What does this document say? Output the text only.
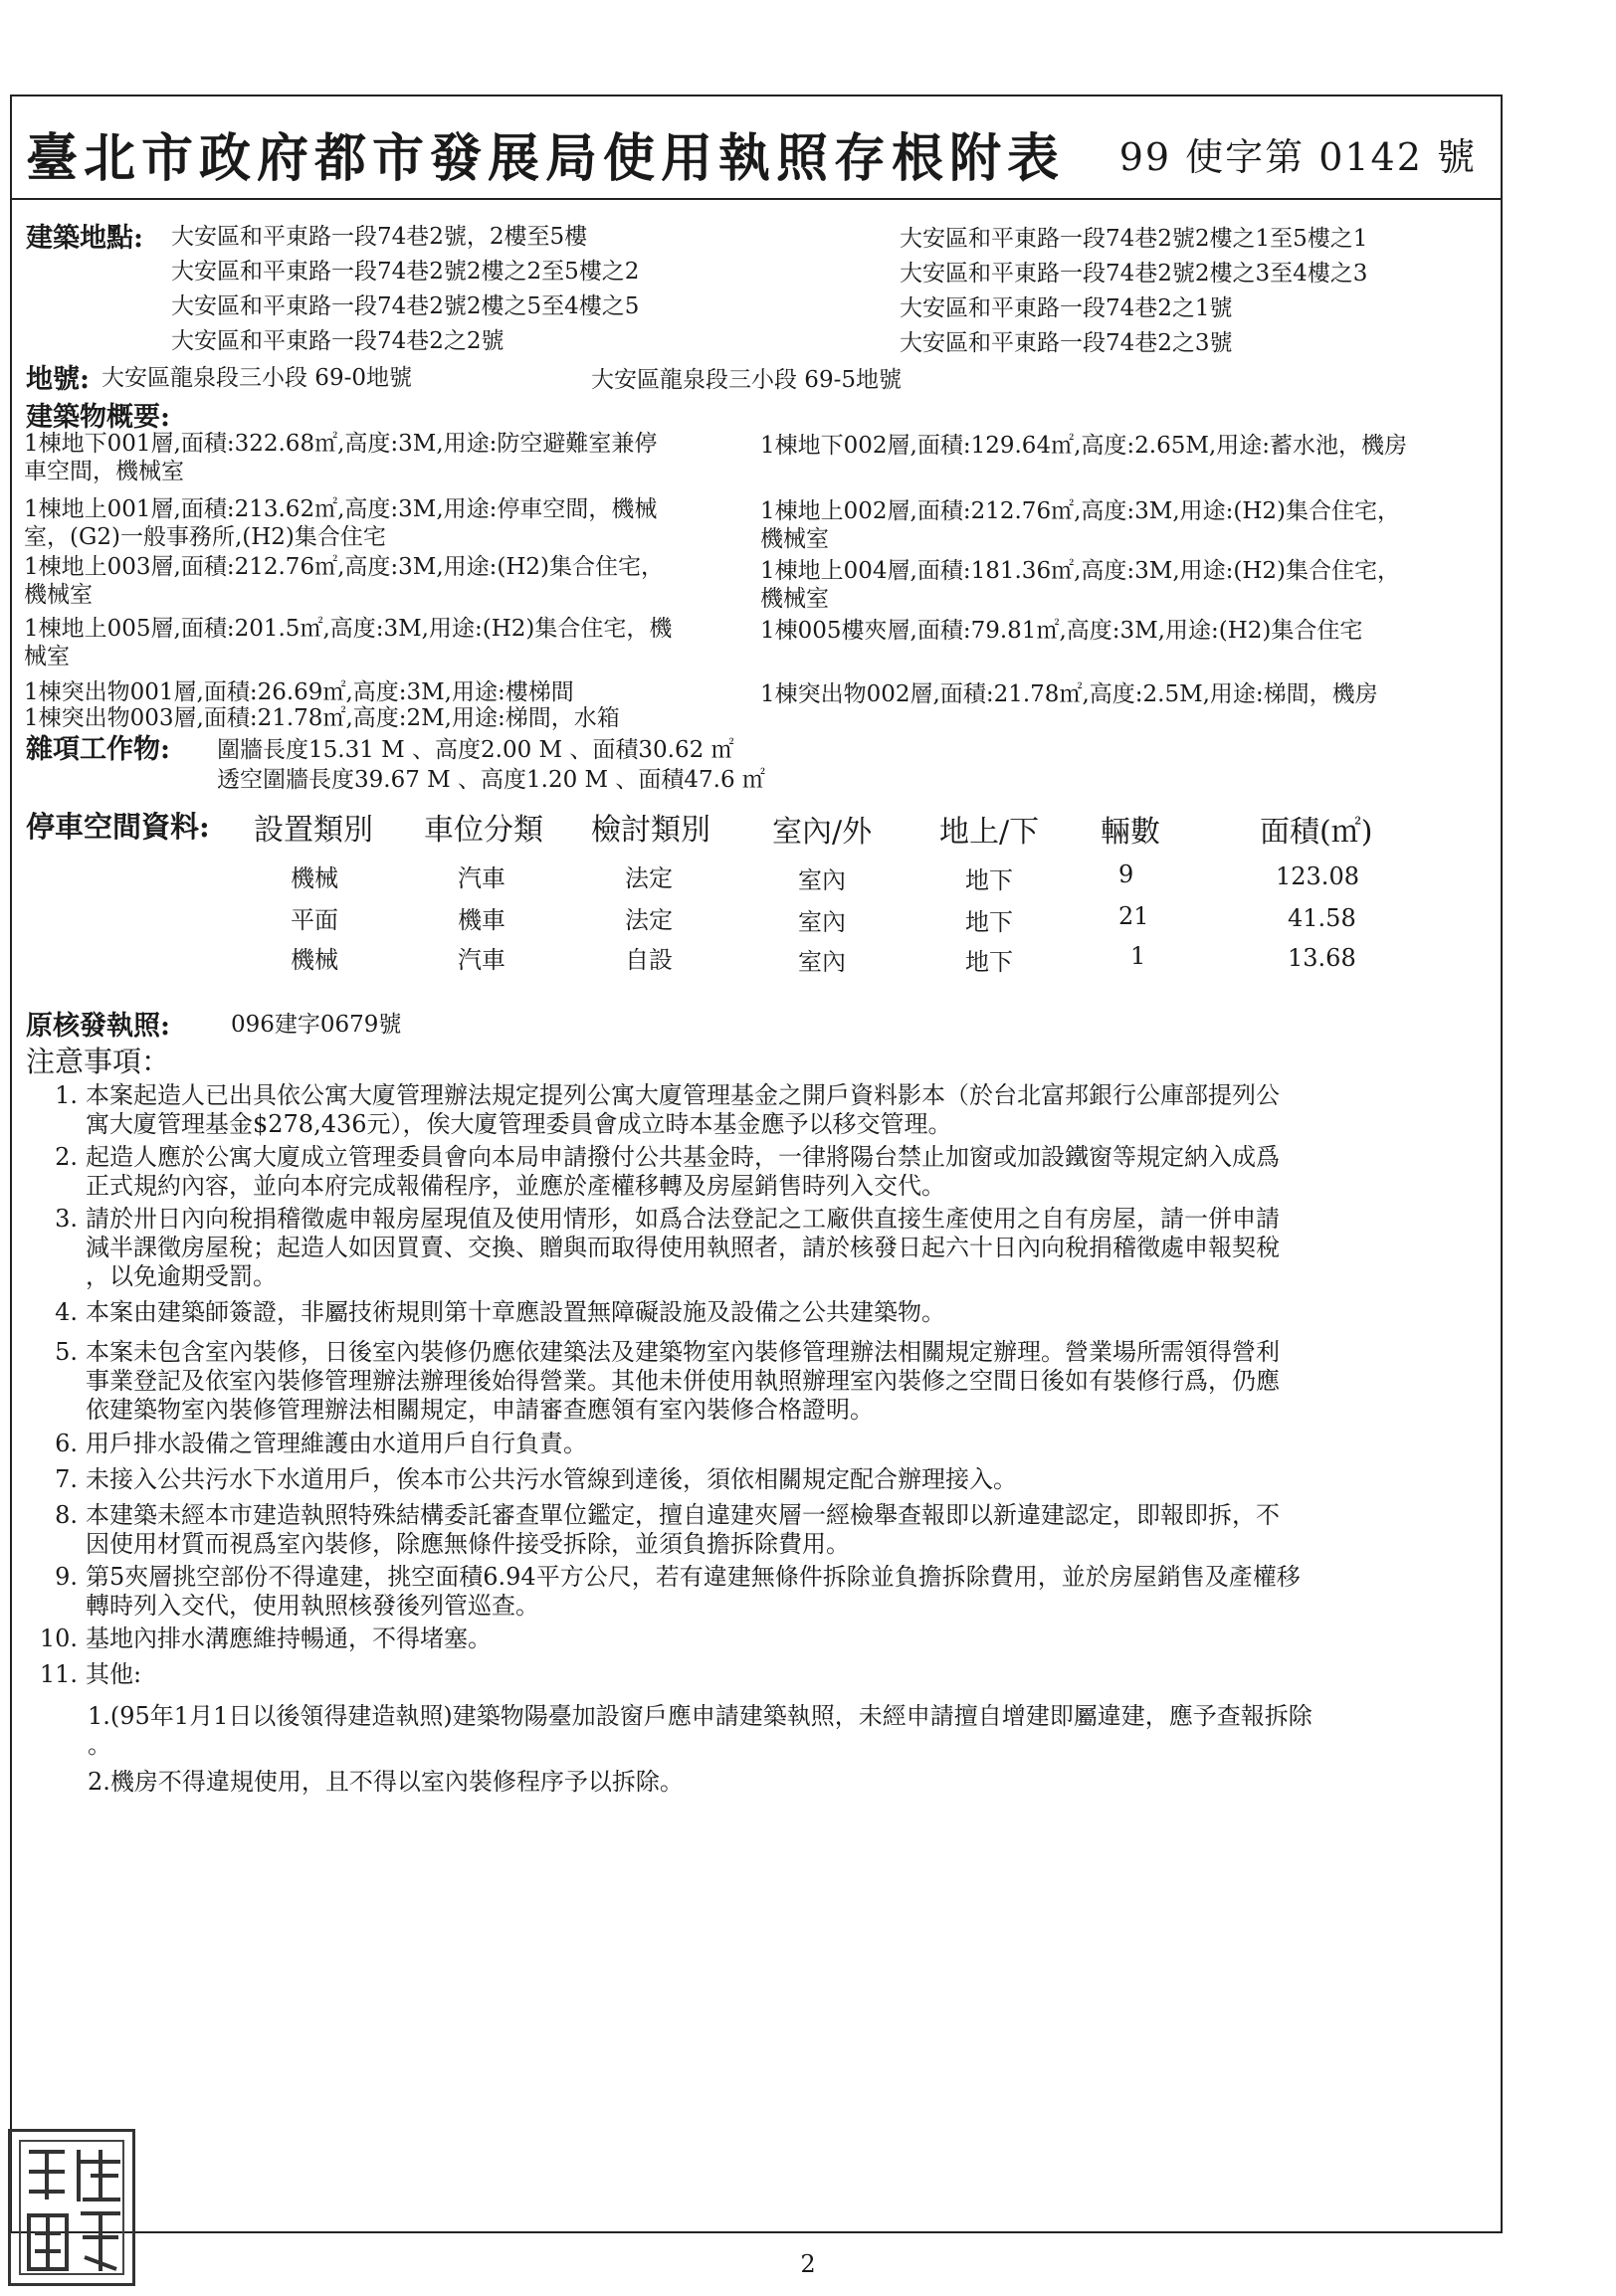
臺北市政府都市發展局使用執照存根附表 99 使字第 0142 號
建築地點: 大安區和平東路一段74巷2號，2樓至5樓
大安區和平東路一段74巷2號2樓之2至5樓之2
大安區和平東路一段74巷2號2樓之5至4樓之5
大安區和平東路一段74巷2之2號
大安區和平東路一段74巷2號2樓之1至5樓之1
大安區和平東路一段74巷2號2樓之3至4樓之3
大安區和平東路一段74巷2之1號
大安區和平東路一段74巷2之3號
地號: 大安區龍泉段三小段 69-0地號	大安區龍泉段三小段 69-5地號
建築物概要:
1棟地下001層,面積:322.68㎡,高度:3M,用途:防空避難室兼停
車空間，機械室
1棟地上001層,面積:213.62㎡,高度:3M,用途:停車空間，機械
室，(G2)一般事務所,(H2)集合住宅
1棟地上003層,面積:212.76㎡,高度:3M,用途:(H2)集合住宅，
機械室
1棟地上005層,面積:201.5㎡,高度:3M,用途:(H2)集合住宅，機
械室
1棟突出物001層,面積:26.69㎡,高度:3M,用途:樓梯間
1棟突出物003層,面積:21.78㎡,高度:2M,用途:梯間，水箱
1棟地下002層,面積:129.64㎡,高度:2.65M,用途:蓄水池，機房
1棟地上002層,面積:212.76㎡,高度:3M,用途:(H2)集合住宅，
機械室
1棟地上004層,面積:181.36㎡,高度:3M,用途:(H2)集合住宅，
機械室
1棟005樓夾層,面積:79.81㎡,高度:3M,用途:(H2)集合住宅
1棟突出物002層,面積:21.78㎡,高度:2.5M,用途:梯間，機房
雜項工作物: 圍牆長度15.31 M 、高度2.00 M 、面積30.62 ㎡
透空圍牆長度39.67 M 、高度1.20 M 、面積47.6 ㎡
停車空間資料: 設置類別 車位分類 檢討類別 室內/外 地上/下 輛數	面積(㎡)
機械	汽車	法定	室內	地下	9	123.08
平面	機車	法定	室內	地下	21	41.58
機械	汽車	自設	室內	地下	1	13.68
原核發執照:	096建字0679號
注意事項：
1. 本案起造人已出具依公寓大廈管理辦法規定提列公寓大廈管理基金之開戶資料影本（於台北富邦銀行公庫部提列公
寓大廈管理基金$278,436元），俟大廈管理委員會成立時本基金應予以移交管理。
2. 起造人應於公寓大廈成立管理委員會向本局申請撥付公共基金時，一律將陽台禁止加窗或加設鐵窗等規定納入成爲
正式規約內容，並向本府完成報備程序，並應於產權移轉及房屋銷售時列入交代。
3. 請於卅日內向稅捐稽徵處申報房屋現值及使用情形，如爲合法登記之工廠供直接生產使用之自有房屋，請一併申請
減半課徵房屋稅；起造人如因買賣、交換、贈與而取得使用執照者，請於核發日起六十日內向稅捐稽徵處申報契稅
，以免逾期受罰。
4. 本案由建築師簽證，非屬技術規則第十章應設置無障礙設施及設備之公共建築物。
5. 本案未包含室內裝修，日後室內裝修仍應依建築法及建築物室內裝修管理辦法相關規定辦理。營業場所需領得營利
事業登記及依室內裝修管理辦法辦理後始得營業。其他未併使用執照辦理室內裝修之空間日後如有裝修行爲，仍應
依建築物室內裝修管理辦法相關規定，申請審查應領有室內裝修合格證明。
6. 用戶排水設備之管理維護由水道用戶自行負責。
7. 未接入公共污水下水道用戶，俟本市公共污水管線到達後，須依相關規定配合辦理接入。
8. 本建築未經本市建造執照特殊結構委託審查單位鑑定，擅自違建夾層一經檢舉查報即以新違建認定，即報即拆，不
因使用材質而視爲室內裝修，除應無條件接受拆除，並須負擔拆除費用。
9. 第5夾層挑空部份不得違建，挑空面積6.94平方公尺，若有違建無條件拆除並負擔拆除費用，並於房屋銷售及產權移
轉時列入交代，使用執照核發後列管巡查。
10. 基地內排水溝應維持暢通，不得堵塞。
11. 其他:
1.(95年1月1日以後領得建造執照)建築物陽臺加設窗戶應申請建築執照，未經申請擅自增建即屬違建，應予查報拆除
。
2.機房不得違規使用，且不得以室內裝修程序予以拆除。
2
